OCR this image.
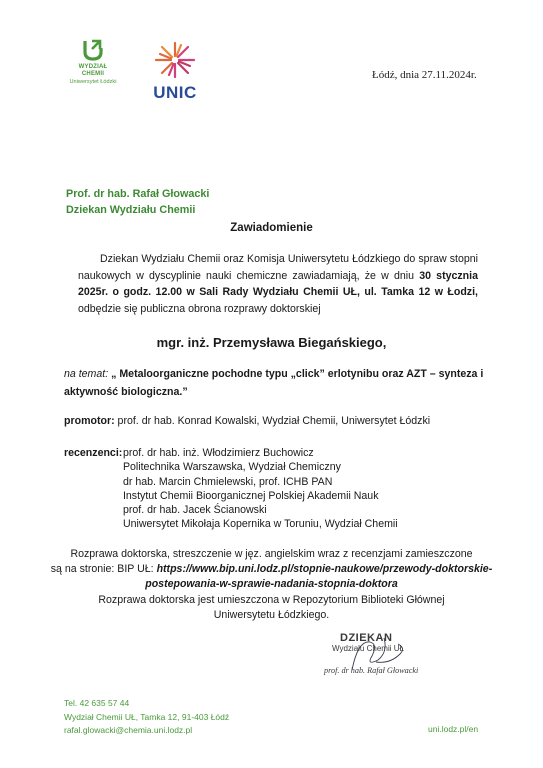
WYDZIAŁ
CHEMII
Uniwersytet Łódzki
UNIC
Łódź, dnia 27.11.2024r.
Prof. dr hab. Rafał Głowacki
Dziekan Wydziału Chemii
Zawiadomienie
Dziekan Wydziału Chemii oraz Komisja Uniwersytetu Łódzkiego do spraw stopni naukowych w dyscyplinie nauki chemiczne zawiadamiają, że w dniu 30 stycznia 2025r. o godz. 12.00 w Sali Rady Wydziału Chemii UŁ, ul. Tamka 12 w Łodzi, odbędzie się publiczna obrona rozprawy doktorskiej
mgr. inż. Przemysława Biegańskiego,
na temat: „ Metaloorganiczne pochodne typu „click” erlotynibu oraz AZT – synteza i aktywność biologiczna.”
promotor: prof. dr hab. Konrad Kowalski, Wydział Chemii, Uniwersytet Łódzki
recenzenci: prof. dr hab. inż. Włodzimierz Buchowicz
Politechnika Warszawska, Wydział Chemiczny
dr hab. Marcin Chmielewski, prof. ICHB PAN
Instytut Chemii Bioorganicznej Polskiej Akademii Nauk
prof. dr hab. Jacek Ścianowski
Uniwersytet Mikołaja Kopernika w Toruniu, Wydział Chemii
Rozprawa doktorska, streszczenie w jęz. angielskim wraz z recenzjami zamieszczone
są na stronie: BIP UŁ: https://www.bip.uni.lodz.pl/stopnie-naukowe/przewody-doktorskie-postepowania-w-sprawie-nadania-stopnia-doktora
Rozprawa doktorska jest umieszczona w Repozytorium Biblioteki Głównej
Uniwersytetu Łódzkiego.
DZIEKAN
Wydziału Chemii UŁ
prof. dr hab. Rafał Głowacki
Tel. 42 635 57 44
Wydział Chemii UŁ, Tamka 12, 91-403 Łódź
rafal.glowacki@chemia.uni.lodz.pl	uni.lodz.pl/en
